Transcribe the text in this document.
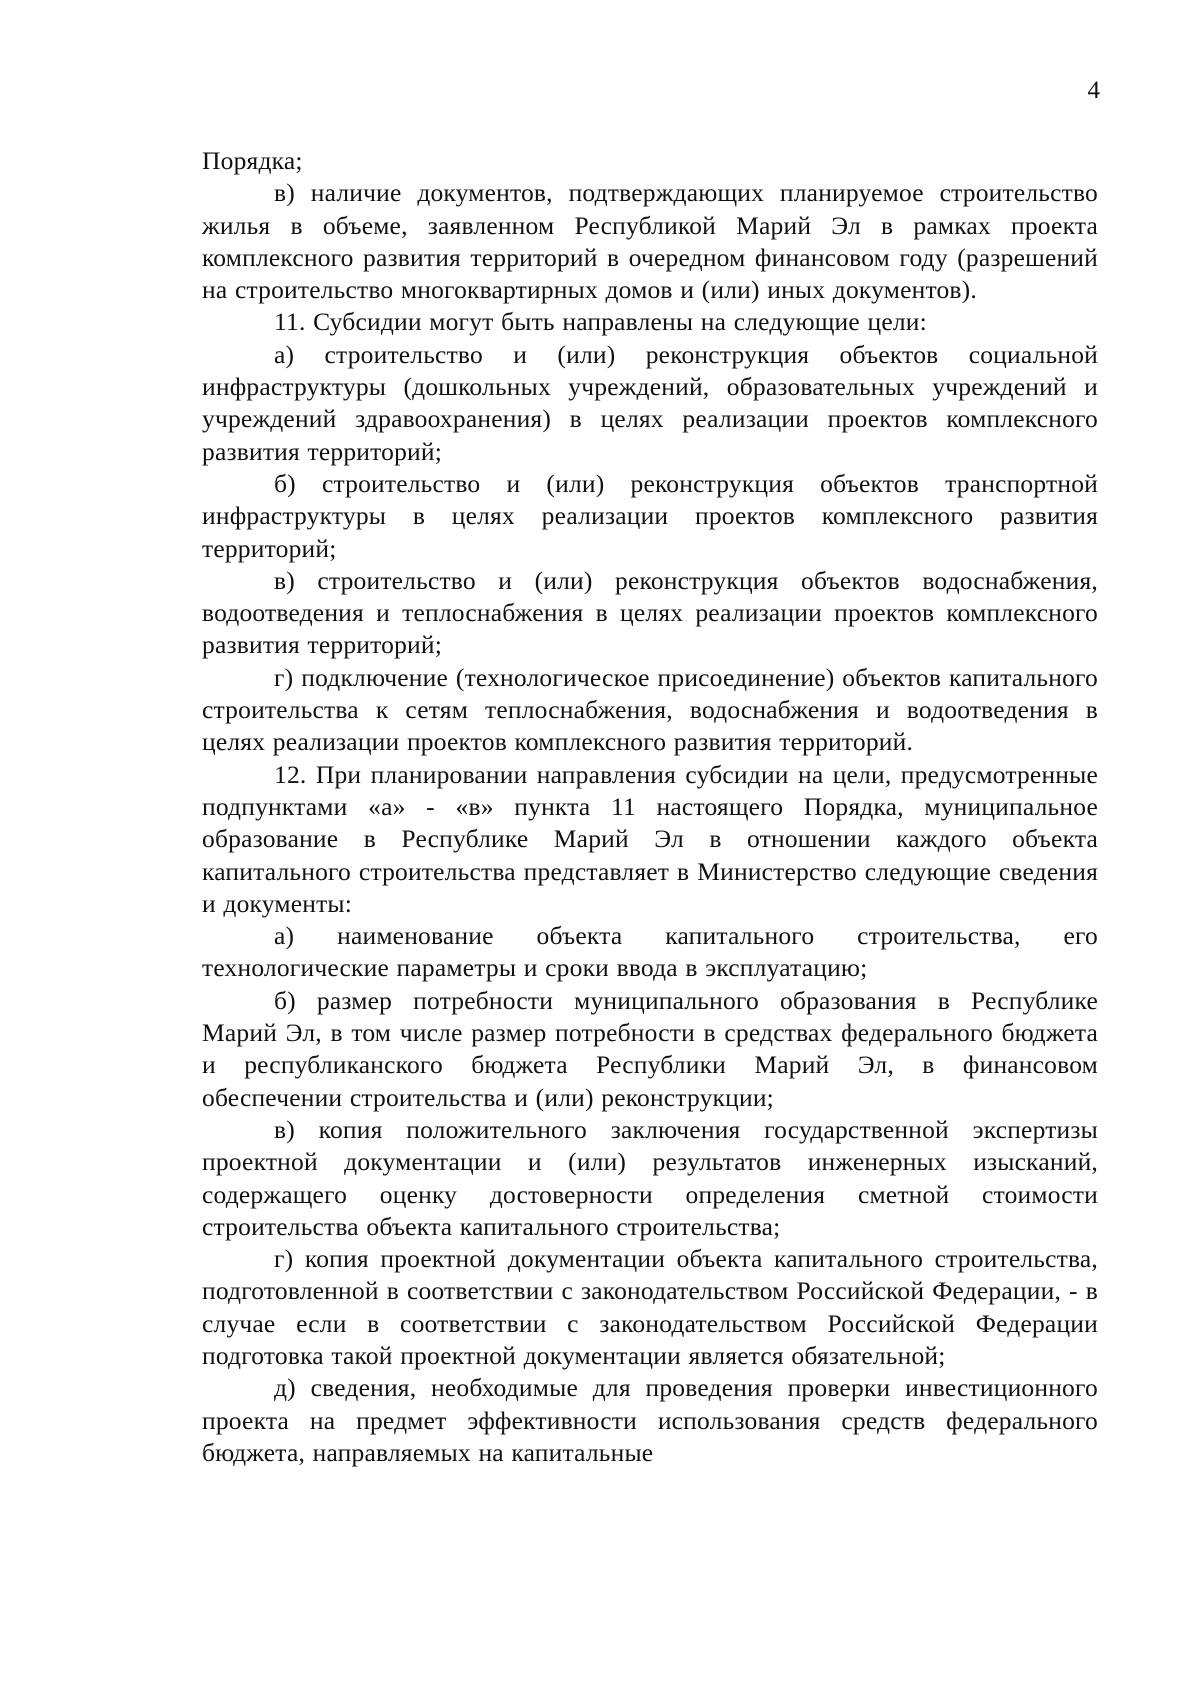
4

Порядка;

в) наличие документов, подтверждающих планируемое строительство жилья в объеме, заявленном Республикой Марий Эл в рамках проекта комплексного развития территорий в очередном финансовом году (разрешений на строительство многоквартирных домов и (или) иных документов).

11. Субсидии могут быть направлены на следующие цели:

а) строительство и (или) реконструкция объектов социальной инфраструктуры (дошкольных учреждений, образовательных учреждений и учреждений здравоохранения) в целях реализации проектов комплексного развития территорий;

б) строительство и (или) реконструкция объектов транспортной инфраструктуры в целях реализации проектов комплексного развития территорий;

в) строительство и (или) реконструкция объектов водоснабжения, водоотведения и теплоснабжения в целях реализации проектов комплексного развития территорий;

г) подключение (технологическое присоединение) объектов капитального строительства к сетям теплоснабжения, водоснабжения и водоотведения в целях реализации проектов комплексного развития территорий.

12. При планировании направления субсидии на цели, предусмотренные подпунктами «а» - «в» пункта 11 настоящего Порядка, муниципальное образование в Республике Марий Эл в отношении каждого объекта капитального строительства представляет в Министерство следующие сведения и документы:

а) наименование объекта капитального строительства, его технологические параметры и сроки ввода в эксплуатацию;

б) размер потребности муниципального образования в Республике Марий Эл, в том числе размер потребности в средствах федерального бюджета и республиканского бюджета Республики Марий Эл, в финансовом обеспечении строительства и (или) реконструкции;

в) копия положительного заключения государственной экспертизы проектной документации и (или) результатов инженерных изысканий, содержащего оценку достоверности определения сметной стоимости строительства объекта капитального строительства;

г) копия проектной документации объекта капитального строительства, подготовленной в соответствии с законодательством Российской Федерации, - в случае если в соответствии с законодательством Российской Федерации подготовка такой проектной документации является обязательной;

д) сведения, необходимые для проведения проверки инвестиционного проекта на предмет эффективности использования средств федерального бюджета, направляемых на капитальные
